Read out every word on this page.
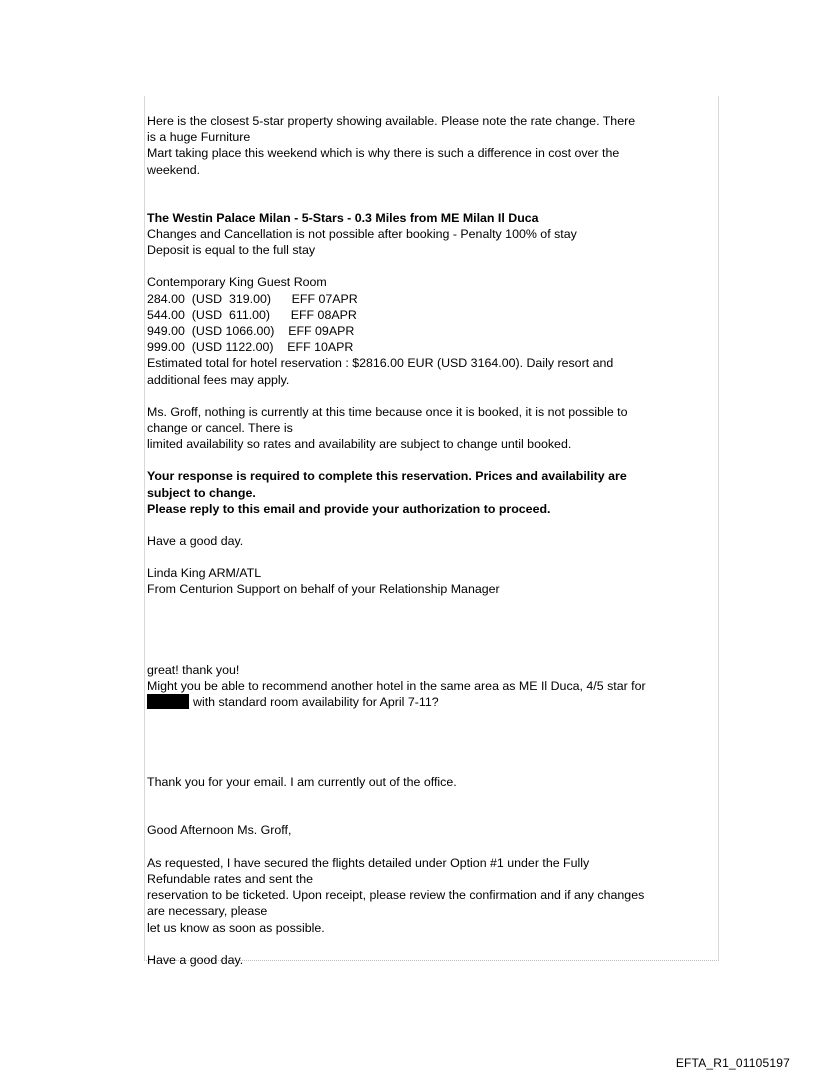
Here is the closest 5-star property showing available. Please note the rate change. There
is a huge Furniture
Mart taking place this weekend which is why there is such a difference in cost over the
weekend.

The Westin Palace Milan - 5-Stars - 0.3 Miles from ME Milan Il Duca
Changes and Cancellation is not possible after booking - Penalty 100% of stay
Deposit is equal to the full stay

Contemporary King Guest Room
284.00  (USD  319.00)      EFF 07APR
544.00  (USD  611.00)      EFF 08APR
949.00  (USD 1066.00)    EFF 09APR
999.00  (USD 1122.00)    EFF 10APR
Estimated total for hotel reservation : $2816.00 EUR (USD 3164.00). Daily resort and
additional fees may apply.

Ms. Groff, nothing is currently at this time because once it is booked, it is not possible to
change or cancel. There is
limited availability so rates and availability are subject to change until booked.

Your response is required to complete this reservation. Prices and availability are
subject to change.
Please reply to this email and provide your authorization to proceed.

Have a good day.

Linda King ARM/ATL
From Centurion Support on behalf of your Relationship Manager

great! thank you!
Might you be able to recommend another hotel in the same area as ME Il Duca, 4/5 star for
with standard room availability for April 7-11?

Thank you for your email. I am currently out of the office.

Good Afternoon Ms. Groff,

As requested, I have secured the flights detailed under Option #1 under the Fully
Refundable rates and sent the
reservation to be ticketed. Upon receipt, please review the confirmation and if any changes
are necessary, please
let us know as soon as possible.

Have a good day.

EFTA_R1_01105197
